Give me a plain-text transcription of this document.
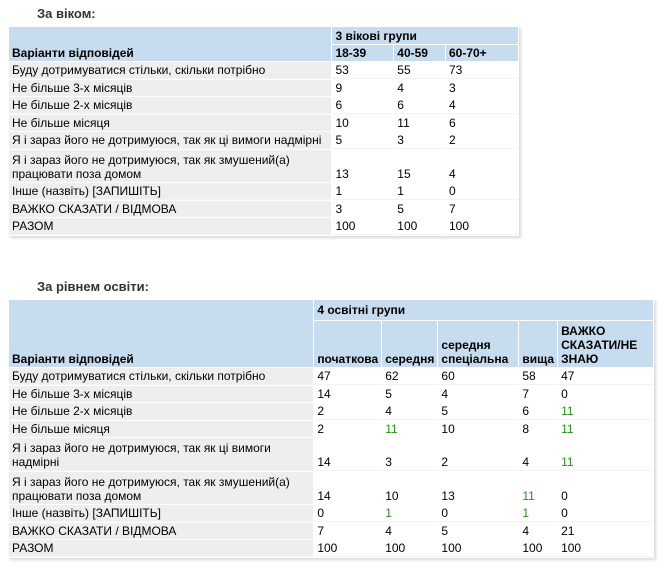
За віком:
Варіанти відповідей	3 вікові групи		
	18-39	40-59	60-70+
Буду дотримуватися стільки, скільки потрібно	53	55	73
Не більше 3-х місяців	9	4	3
Не більше 2-х місяців	6	6	4
Не більше місяця	10	11	6
Я і зараз його не дотримуюся, так як ці вимоги надмірні	5	3	2
Я і зараз його не дотримуюся, так як змушений(а) працювати поза домом	13	15	4
Інше (назвіть) [ЗАПИШІТЬ]	1	1	0
ВАЖКО СКАЗАТИ / ВІДМОВА	3	5	7
РАЗОМ	100	100	100
За рівнем освіти:
Варіанти відповідей	4 освітні групи				
	початкова	середня	середня спеціальна	вища	ВАЖКО СКАЗАТИ/НЕ ЗНАЮ
Буду дотримуватися стільки, скільки потрібно	47	62	60	58	47
Не більше 3-х місяців	14	5	4	7	0
Не більше 2-х місяців	2	4	5	6	11
Не більше місяця	2	11	10	8	11
Я і зараз його не дотримуюся, так як ці вимоги надмірні	14	3	2	4	11
Я і зараз його не дотримуюся, так як змушений(а) працювати поза домом	14	10	13	11	0
Інше (назвіть) [ЗАПИШІТЬ]	0	1	0	1	0
ВАЖКО СКАЗАТИ / ВІДМОВА	7	4	5	4	21
РАЗОМ	100	100	100	100	100
